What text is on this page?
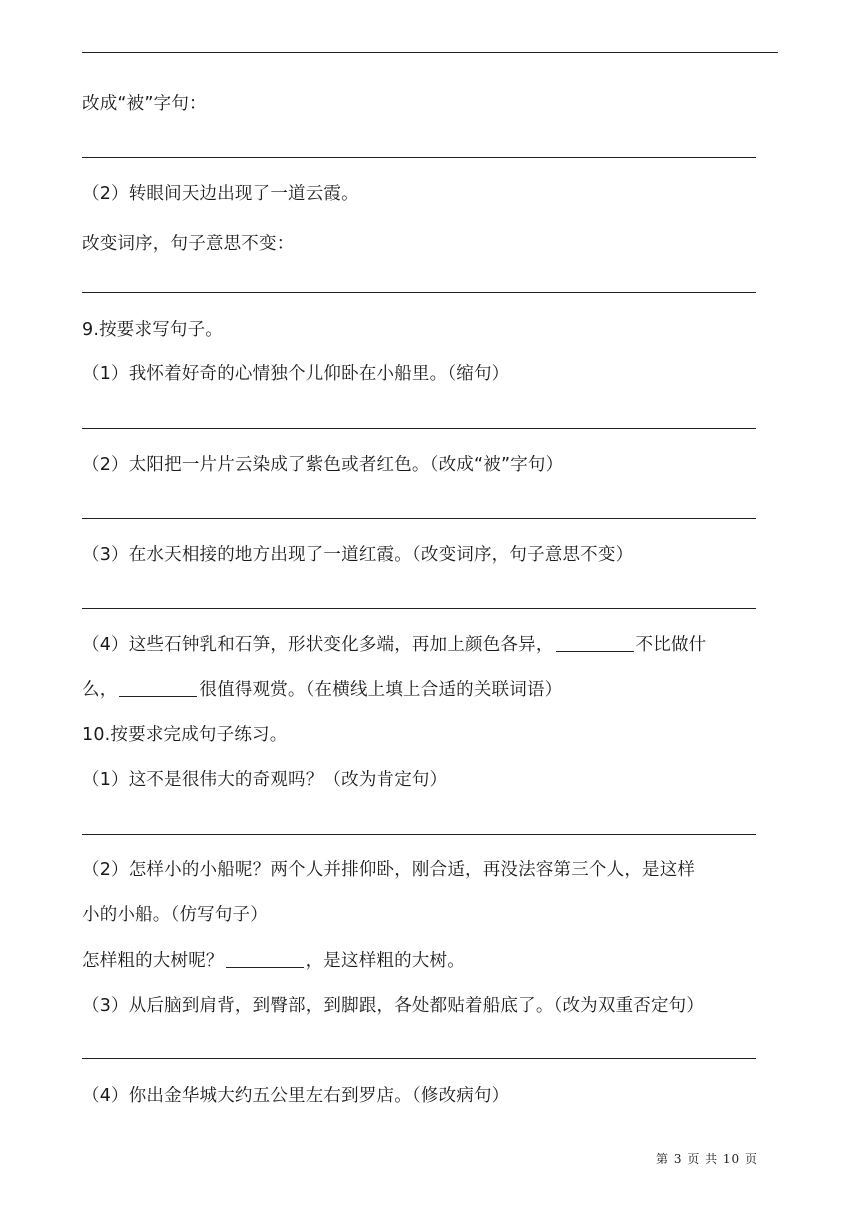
改成“被”字句：
（2）转眼间天边出现了一道云霞。
改变词序，句子意思不变：
9.按要求写句子。
（1）我怀着好奇的心情独个儿仰卧在小船里。（缩句）
（2）太阳把一片片云染成了紫色或者红色。（改成“被”字句）
（3）在水天相接的地方出现了一道红霞。（改变词序，句子意思不变）
（4）这些石钟乳和石笋，形状变化多端，再加上颜色各异，	不比做什
么，	很值得观赏。（在横线上填上合适的关联词语）
10.按要求完成句子练习。
（1）这不是很伟大的奇观吗？（改为肯定句）
（2）怎样小的小船呢？两个人并排仰卧，刚合适，再没法容第三个人，是这样
小的小船。（仿写句子）
怎样粗的大树呢？	，是这样粗的大树。
（3）从后脑到肩背，到臀部，到脚跟，各处都贴着船底了。（改为双重否定句）
（4）你出金华城大约五公里左右到罗店。（修改病句）
第 3 页 共 10 页
